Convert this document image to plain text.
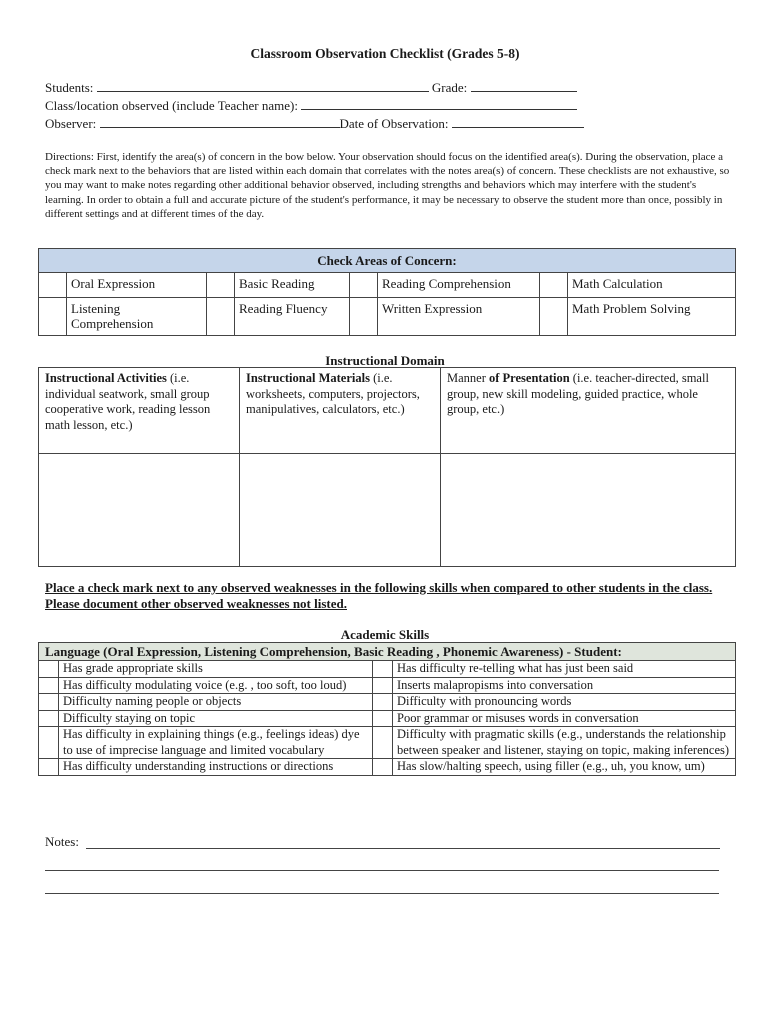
Classroom Observation Checklist (Grades 5-8)
Students:	Grade:
Class/location observed (include Teacher name):
Observer:	Date of Observation:
Directions: First, identify the area(s) of concern in the bow below. Your observation should focus on the identified area(s). During the observation, place a check mark next to the behaviors that are listed within each domain that correlates with the notes area(s) of concern. These checklists are not exhaustive, so you may want to make notes regarding other additional behavior observed, including strengths and behaviors which may interfere with the student's learning. In order to obtain a full and accurate picture of the student's performance, it may be necessary to observe the student more than once, possibly in different settings and at different times of the day.
Check Areas of Concern:							
	Oral Expression		Basic Reading		Reading Comprehension		Math Calculation
	Listening Comprehension		Reading Fluency		Written Expression		Math Problem Solving
Instructional Domain
Instructional Activities (i.e. individual seatwork, small group cooperative work, reading lesson math lesson, etc.)	Instructional Materials (i.e. worksheets, computers, projectors, manipulatives, calculators, etc.)	Manner of Presentation (i.e. teacher-directed, small group, new skill modeling, guided practice, whole group, etc.)

Place a check mark next to any observed weaknesses in the following skills when compared to other students in the class. Please document other observed weaknesses not listed.
Academic Skills
Language (Oral Expression, Listening Comprehension, Basic Reading , Phonemic Awareness) - Student:			
	Has grade appropriate skills		Has difficulty re-telling what has just been said
	Has difficulty modulating voice (e.g. , too soft, too loud)		Inserts malapropisms into conversation
	Difficulty naming people or objects		Difficulty with pronouncing words
	Difficulty staying on topic		Poor grammar or misuses words in conversation
	Has difficulty in explaining things (e.g., feelings ideas) dye to use of imprecise language and limited vocabulary		Difficulty with pragmatic skills (e.g., understands the relationship between speaker and listener, staying on topic, making inferences)
	Has difficulty understanding instructions or directions		Has slow/halting speech, using filler (e.g., uh, you know, um)
Notes:
